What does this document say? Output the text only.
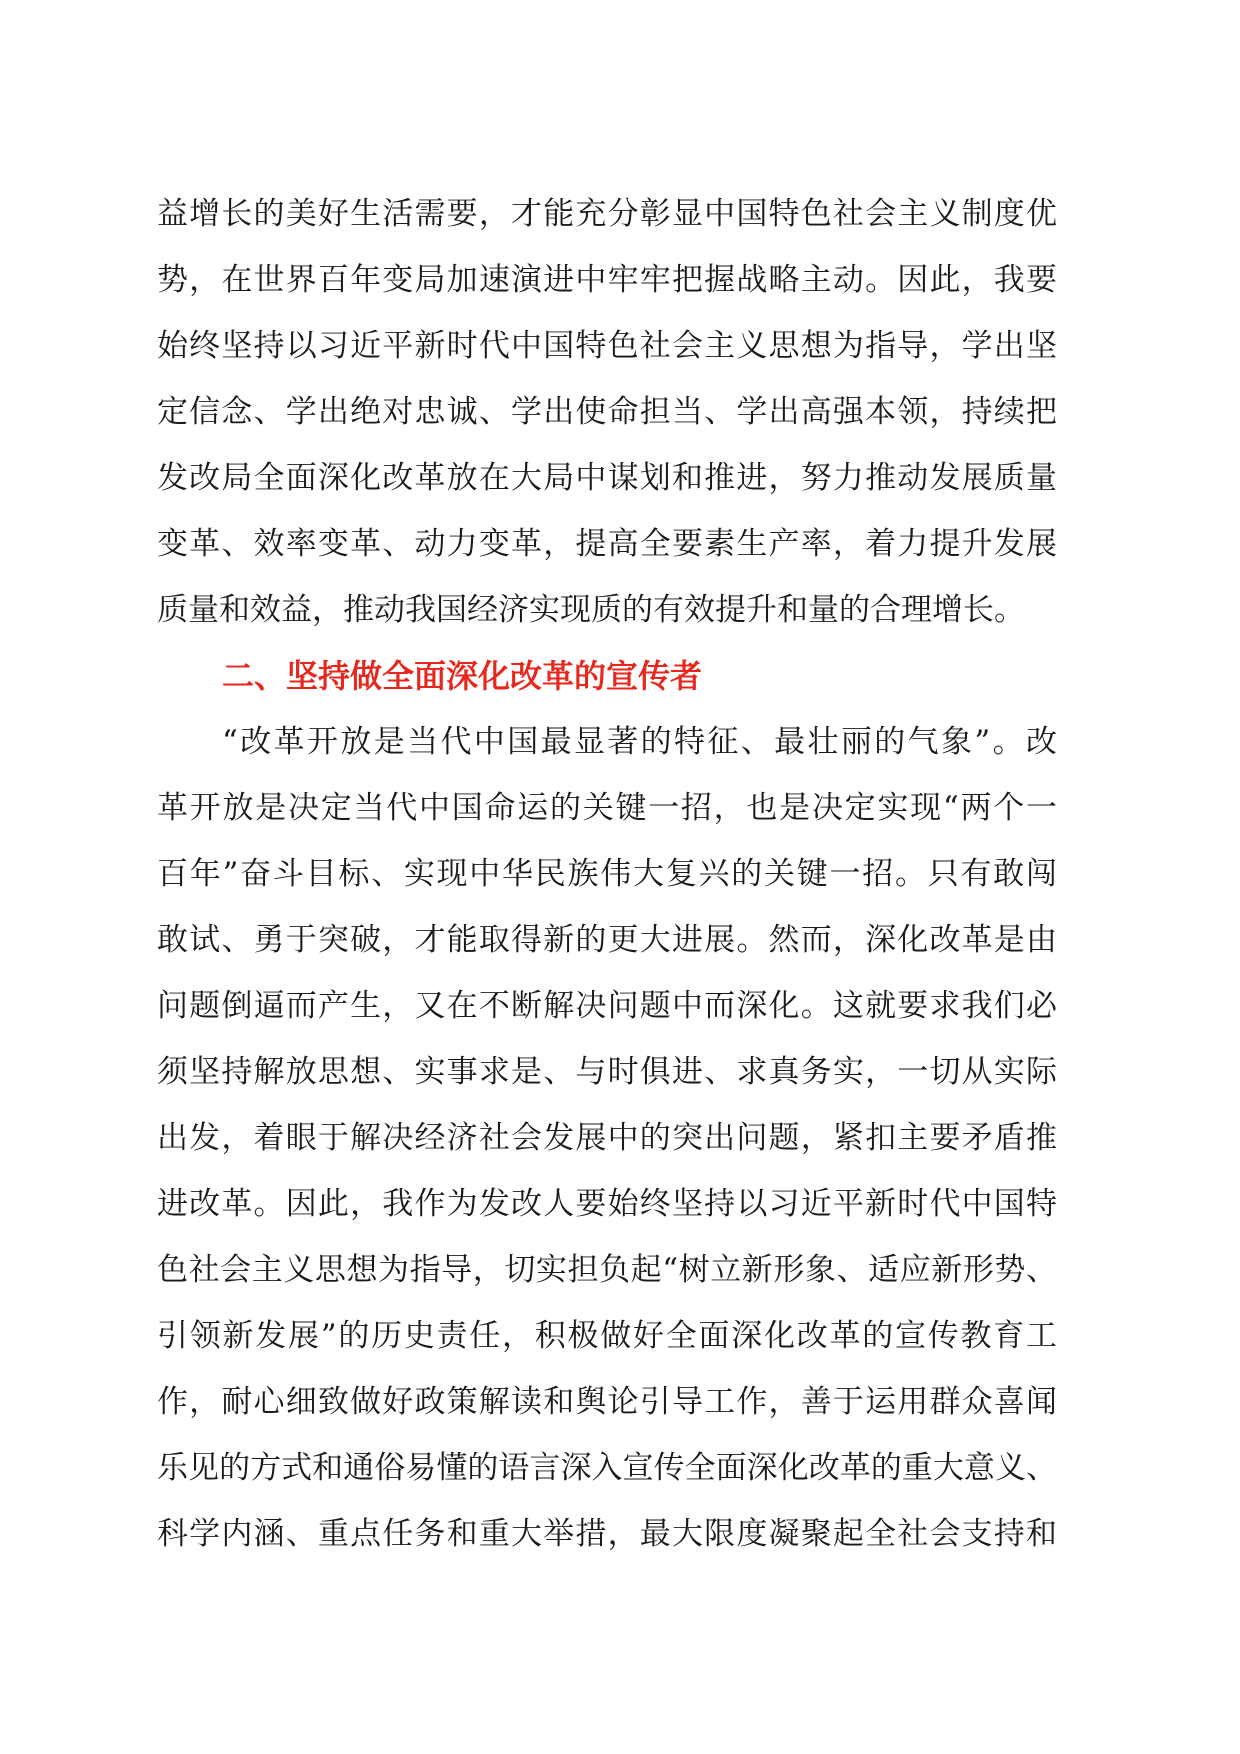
益增长的美好生活需要，才能充分彰显中国特色社会主义制度优
势，在世界百年变局加速演进中牢牢把握战略主动。因此，我要
始终坚持以习近平新时代中国特色社会主义思想为指导，学出坚
定信念、学出绝对忠诚、学出使命担当、学出高强本领，持续把
发改局全面深化改革放在大局中谋划和推进，努力推动发展质量
变革、效率变革、动力变革，提高全要素生产率，着力提升发展
质量和效益，推动我国经济实现质的有效提升和量的合理增长。
二、坚持做全面深化改革的宣传者
“改革开放是当代中国最显著的特征、最壮丽的气象”。改
革开放是决定当代中国命运的关键一招，也是决定实现“两个一
百年”奋斗目标、实现中华民族伟大复兴的关键一招。只有敢闯
敢试、勇于突破，才能取得新的更大进展。然而，深化改革是由
问题倒逼而产生，又在不断解决问题中而深化。这就要求我们必
须坚持解放思想、实事求是、与时俱进、求真务实，一切从实际
出发，着眼于解决经济社会发展中的突出问题，紧扣主要矛盾推
进改革。因此，我作为发改人要始终坚持以习近平新时代中国特
色社会主义思想为指导，切实担负起“树立新形象、适应新形势、
引领新发展”的历史责任，积极做好全面深化改革的宣传教育工
作，耐心细致做好政策解读和舆论引导工作，善于运用群众喜闻
乐见的方式和通俗易懂的语言深入宣传全面深化改革的重大意义、
科学内涵、重点任务和重大举措，最大限度凝聚起全社会支持和
